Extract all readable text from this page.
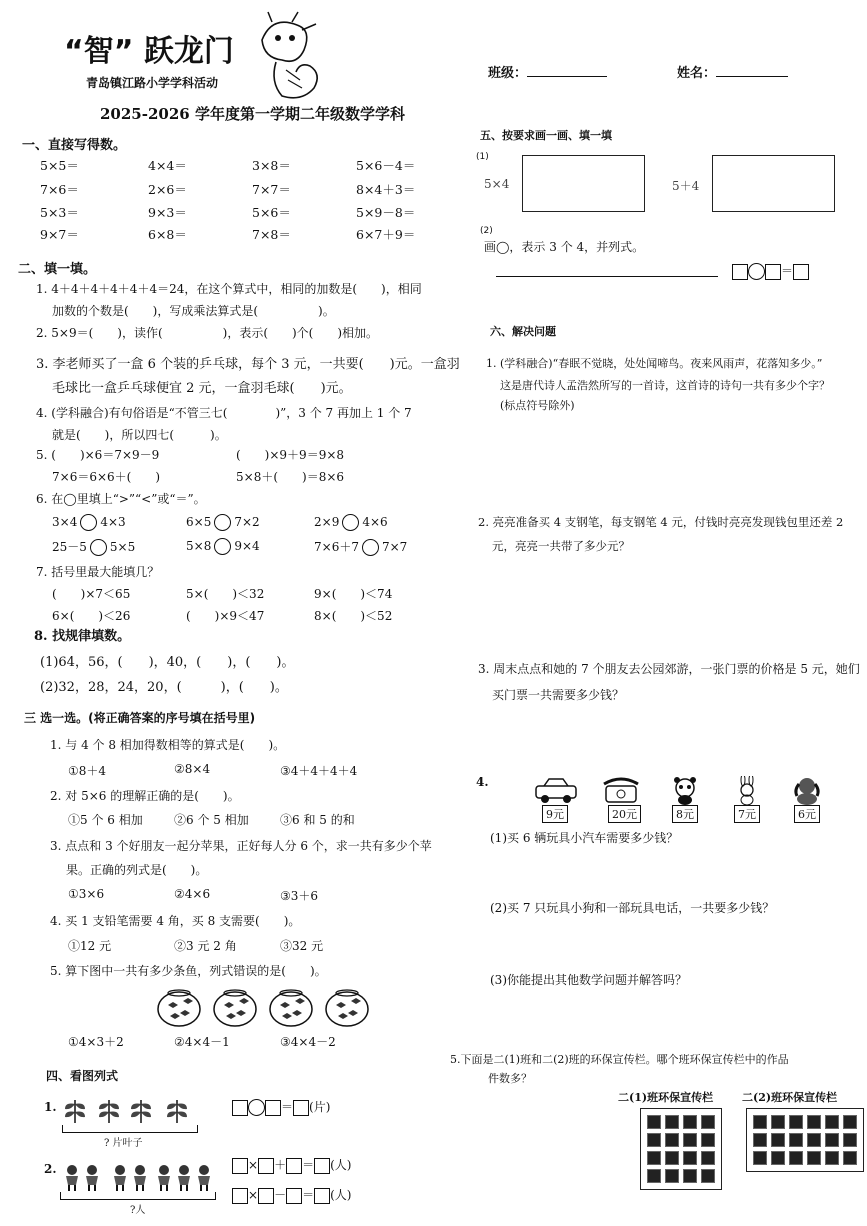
“智” 跃龙门
青岛镇江路小学学科活动
2025-2026 学年度第一学期二年级数学学科
班级：	姓名：
一、直接写得数。
二、填一填。
1. 4＋4＋4＋4＋4＋4＝24，在这个算式中，相同的加数是(　　)，相同
加数的个数是(　　)，写成乘法算式是(　　　　　)。
2. 5×9＝(　　)，读作(　　　　　)，表示(　　)个(　　)相加。
3. 李老师买了一盒 6 个装的乒乓球，每个 3 元，一共要(　　)元。一盒羽
毛球比一盒乒乓球便宜 2 元，一盒羽毛球(　　)元。
4. (学科融合)有句俗语是“不管三七(　　　　)”，3 个 7 再加上 1 个 7
就是(　　)，所以四七(　　　)。
5. (　　)×6＝7×9－9	(　　)×9＋9＝9×8
7×6＝6×6＋(　　)	5×8＋(　　)＝8×6
6. 在◯里填上“>”“<”或“＝”。
7. 括号里最大能填几？
8. 找规律填数。
(1)64，56，(　　)，40，(　　)，(　　)。
(2)32，28，24，20，(　　　)，(　　)。
三 选一选。(将正确答案的序号填在括号里)
1. 与 4 个 8 相加得数相等的算式是(　　)。
①8＋4	②8×4	③4＋4＋4＋4
2. 对 5×6 的理解正确的是(　　)。
①5 个 6 相加	②6 个 5 相加	③6 和 5 的和
3. 点点和 3 个好朋友一起分苹果，正好每人分 6 个，求一共有多少个苹
果。正确的列式是(　　)。
①3×6	②4×6	③3＋6
4. 买 1 支铅笔需要 4 角，买 8 支需要(　　)。
①12 元	②3 元 2 角	③32 元
5. 算下图中一共有多少条鱼，列式错误的是(　　)。
①4×3＋2	②4×4－1	③4×4－2
四、看图列式
1.
? 片叶子
＝ (片)
2.
?人
× ＋ ＝ (人)
× － ＝ (人)
五、按要求画一画、填一填
(1)
5×4	5＋4
(2)
画◯，表示 3 个 4，并列式。
＝
六、解决问题
1. (学科融合)“春眠不觉晓，处处闻啼鸟。夜来风雨声，花落知多少。”
这是唐代诗人孟浩然所写的一首诗，这首诗的诗句一共有多少个字？
(标点符号除外)
2. 亮亮准备买 4 支钢笔，每支钢笔 4 元，付钱时亮亮发现钱包里还差 2
元，亮亮一共带了多少元？
3. 周末点点和她的 7 个朋友去公园郊游，一张门票的价格是 5 元，她们
买门票一共需要多少钱？
4.
(1)买 6 辆玩具小汽车需要多少钱？
(2)买 7 只玩具小狗和一部玩具电话，一共要多少钱？
(3)你能提出其他数学问题并解答吗？
5.下面是二(1)班和二(2)班的环保宣传栏。哪个班环保宣传栏中的作品
件数多？
二(1)班环保宣传栏	二(2)班环保宣传栏
5×5＝	4×4＝	3×8＝	5×6－4＝
7×6＝	2×6＝	7×7＝	8×4＋3＝
5×3＝	9×3＝	5×6＝	5×9－8＝
9×7＝	6×8＝	7×8＝	6×7＋9＝
3×4 4×3	6×5 7×2	2×9 4×6
25－5 5×5	5×8 9×4	7×6＋7 7×7
(　　)×7＜65	5×(　　)＜32	9×(　　)＜74
6×(　　)＜26	(　　)×9＜47	8×(　　)＜52
9元	20元	8元	7元	6元
